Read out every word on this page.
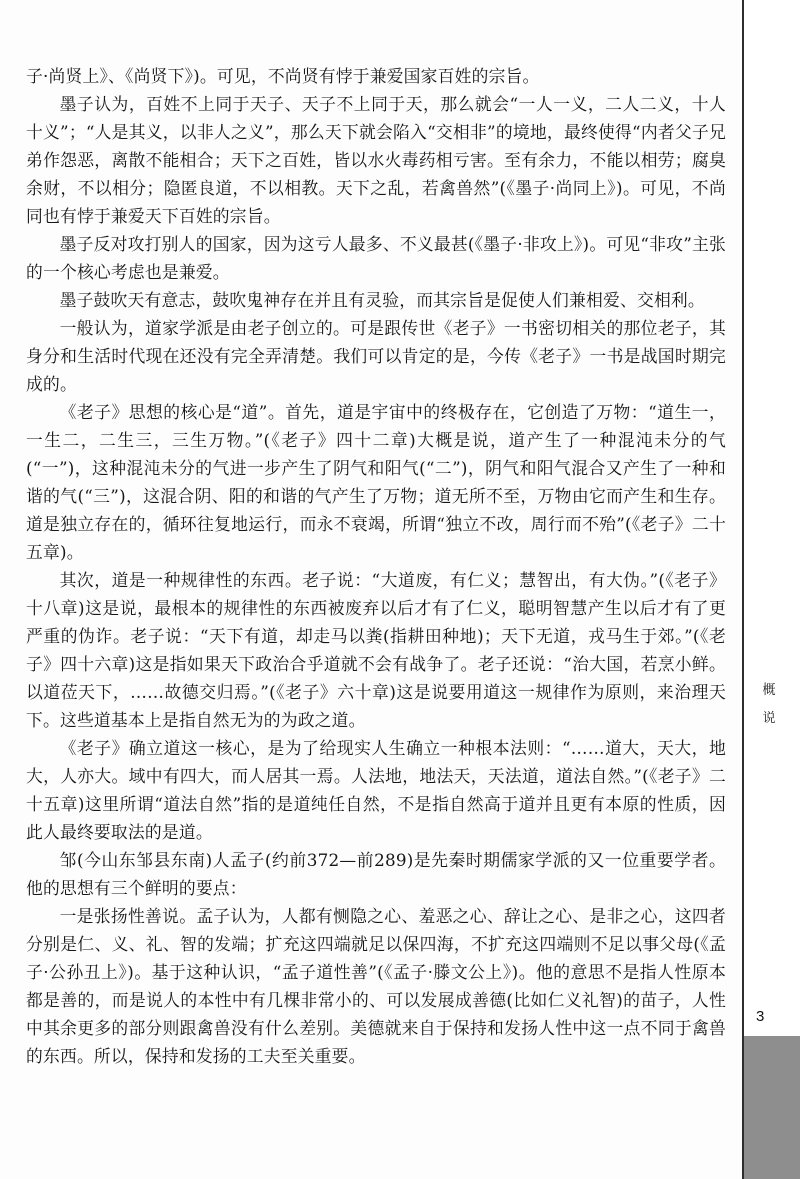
子·尚贤上》、《尚贤下》)。可见，不尚贤有悖于兼爱国家百姓的宗旨。

墨子认为，百姓不上同于天子、天子不上同于天，那么就会“一人一义，二人二义，十人十义”；“人是其义，以非人之义”，那么天下就会陷入“交相非”的境地，最终使得“内者父子兄弟作怨恶，离散不能相合；天下之百姓，皆以水火毒药相亏害。至有余力，不能以相劳；腐臭余财，不以相分；隐匿良道，不以相教。天下之乱，若禽兽然”(《墨子·尚同上》)。可见，不尚同也有悖于兼爱天下百姓的宗旨。

墨子反对攻打别人的国家，因为这亏人最多、不义最甚(《墨子·非攻上》)。可见“非攻”主张的一个核心考虑也是兼爱。

墨子鼓吹天有意志，鼓吹鬼神存在并且有灵验，而其宗旨是促使人们兼相爱、交相利。

一般认为，道家学派是由老子创立的。可是跟传世《老子》一书密切相关的那位老子，其身分和生活时代现在还没有完全弄清楚。我们可以肯定的是，今传《老子》一书是战国时期完成的。

《老子》思想的核心是“道”。首先，道是宇宙中的终极存在，它创造了万物：“道生一，一生二，二生三，三生万物。”(《老子》四十二章)大概是说，道产生了一种混沌未分的气(“一”)，这种混沌未分的气进一步产生了阴气和阳气(“二”)，阴气和阳气混合又产生了一种和谐的气(“三”)，这混合阴、阳的和谐的气产生了万物；道无所不至，万物由它而产生和生存。道是独立存在的，循环往复地运行，而永不衰竭，所谓“独立不改，周行而不殆”(《老子》二十五章)。

其次，道是一种规律性的东西。老子说：“大道废，有仁义；慧智出，有大伪。”(《老子》十八章)这是说，最根本的规律性的东西被废弃以后才有了仁义，聪明智慧产生以后才有了更严重的伪诈。老子说：“天下有道，却走马以粪(指耕田种地)；天下无道，戎马生于郊。”(《老子》四十六章)这是指如果天下政治合乎道就不会有战争了。老子还说：“治大国，若烹小鲜。以道莅天下，……故德交归焉。”(《老子》六十章)这是说要用道这一规律作为原则，来治理天下。这些道基本上是指自然无为的为政之道。

《老子》确立道这一核心，是为了给现实人生确立一种根本法则：“……道大，天大，地大，人亦大。域中有四大，而人居其一焉。人法地，地法天，天法道，道法自然。”(《老子》二十五章)这里所谓“道法自然”指的是道纯任自然，不是指自然高于道并且更有本原的性质，因此人最终要取法的是道。

邹(今山东邹县东南)人孟子(约前372—前289)是先秦时期儒家学派的又一位重要学者。他的思想有三个鲜明的要点：

一是张扬性善说。孟子认为，人都有恻隐之心、羞恶之心、辞让之心、是非之心，这四者分别是仁、义、礼、智的发端；扩充这四端就足以保四海，不扩充这四端则不足以事父母(《孟子·公孙丑上》)。基于这种认识，“孟子道性善”(《孟子·滕文公上》)。他的意思不是指人性原本都是善的，而是说人的本性中有几棵非常小的、可以发展成善德(比如仁义礼智)的苗子，人性中其余更多的部分则跟禽兽没有什么差别。美德就来自于保持和发扬人性中这一点不同于禽兽的东西。所以，保持和发扬的工夫至关重要。

概
说
3
